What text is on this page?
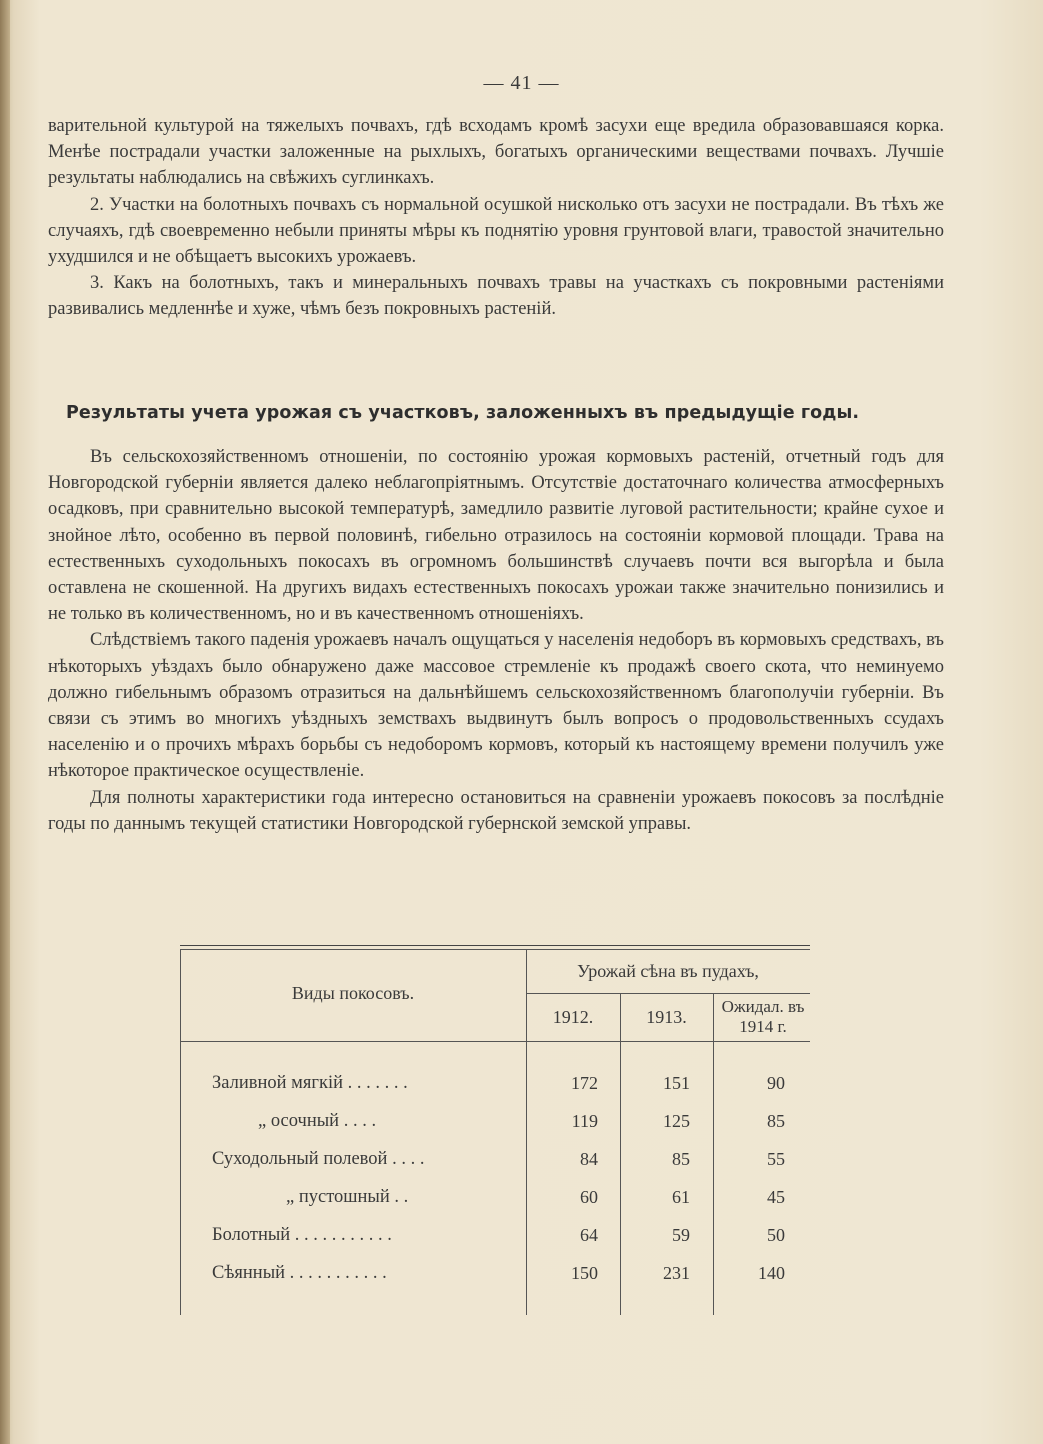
— 41 —

варительной культурой на тяжелыхъ почвахъ, гдѣ всходамъ кромѣ засухи еще вредила образовавшаяся корка. Менѣе пострадали участки заложенные на рыхлыхъ, богатыхъ органическими веществами почвахъ. Лучшіе результаты наблюдались на свѣжихъ суглинкахъ.

2. Участки на болотныхъ почвахъ съ нормальной осушкой нисколько отъ засухи не пострадали. Въ тѣхъ же случаяхъ, гдѣ своевременно небыли приняты мѣры къ поднятію уровня грунтовой влаги, травостой значительно ухудшился и не обѣщаетъ высокихъ урожаевъ.

3. Какъ на болотныхъ, такъ и минеральныхъ почвахъ травы на участкахъ съ покровными растеніями развивались медленнѣе и хуже, чѣмъ безъ покровныхъ растеній.

Результаты учета урожая съ участковъ, заложенныхъ въ предыдущіе годы.

Въ сельскохозяйственномъ отношеніи, по состоянію урожая кормовыхъ растеній, отчетный годъ для Новгородской губерніи является далеко неблагопріятнымъ. Отсутствіе достаточнаго количества атмосферныхъ осадковъ, при сравнительно высокой температурѣ, замедлило развитіе луговой растительности; крайне сухое и знойное лѣто, особенно въ первой половинѣ, гибельно отразилось на состояніи кормовой площади. Трава на естественныхъ суходольныхъ покосахъ въ огромномъ большинствѣ случаевъ почти вся выгорѣла и была оставлена не скошенной. На другихъ видахъ естественныхъ покосахъ урожаи также значительно понизились и не только въ количественномъ, но и въ качественномъ отношеніяхъ.

Слѣдствіемъ такого паденія урожаевъ началъ ощущаться у населенія недоборъ въ кормовыхъ средствахъ, въ нѣкоторыхъ уѣздахъ было обнаружено даже массовое стремленіе къ продажѣ своего скота, что неминуемо должно гибельнымъ образомъ отразиться на дальнѣйшемъ сельскохозяйственномъ благополучіи губерніи. Въ связи съ этимъ во многихъ уѣздныхъ земствахъ выдвинутъ былъ вопросъ о продовольственныхъ ссудахъ населенію и о прочихъ мѣрахъ борьбы съ недоборомъ кормовъ, который къ настоящему времени получилъ уже нѣкоторое практическое осуществленіе.

Для полноты характеристики года интересно остановиться на сравненіи урожаевъ покосовъ за послѣдніе годы по даннымъ текущей статистики Новгородской губернской земской управы.

Виды покосовъ.
Урожай сѣна въ пудахъ,
1912.	1913.
Ожидал. въ 1914 г.
Заливной мягкій . . . . . . .	172	151	90
„ осочный . . . .	119	125	85
Суходольный полевой . . . .	84	85	55
„ пустошный . .	60	61	45
Болотный . . . . . . . . . . .	64	59	50
Сѣянный . . . . . . . . . . .	150	231	140
